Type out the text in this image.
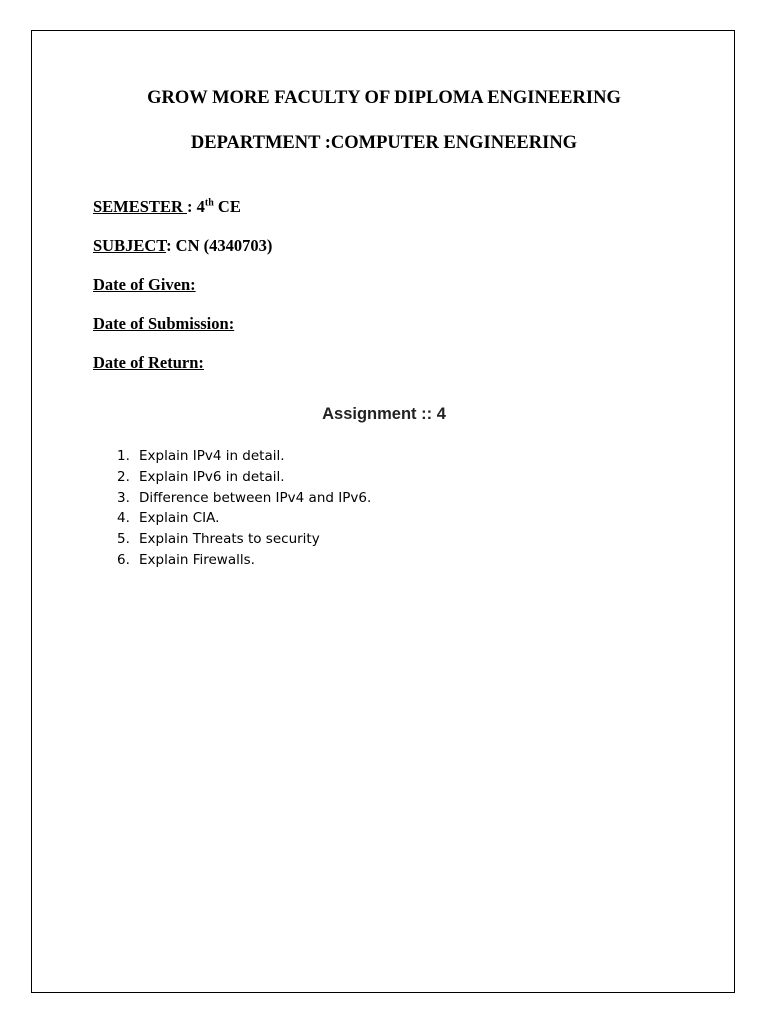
GROW MORE FACULTY OF DIPLOMA ENGINEERING
DEPARTMENT :COMPUTER ENGINEERING
SEMESTER : 4th CE
SUBJECT: CN (4340703)
Date of Given:
Date of Submission:
Date of Return:
Assignment :: 4
1. Explain IPv4 in detail.
2. Explain IPv6 in detail.
3. Difference between IPv4 and IPv6.
4. Explain CIA.
5. Explain Threats to security
6. Explain Firewalls.
